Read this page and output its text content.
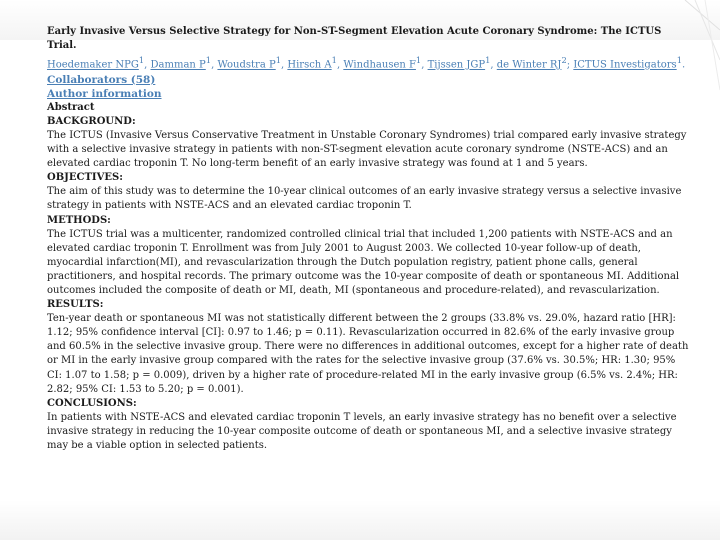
Early Invasive Versus Selective Strategy for Non-ST-Segment Elevation Acute Coronary Syndrome: The ICTUS Trial.

Hoedemaker NPG$^1$, Damman $P^1$, Woudstra $P^1$, Hirsch $A^1$, Windhausen $F^1$, Tijssen JGP$^1$, de Winter $RJ^2$; ICTUS Investigators$^1$.

Collaborators (58)
Author information
Abstract
BACKGROUND:

The ICTUS (Invasive Versus Conservative Treatment in Unstable Coronary Syndromes) trial compared early invasive strategy with a selective invasive strategy in patients with non-ST-segment elevation acute coronary syndrome (NSTE-ACS) and an elevated cardiac troponin T. No long-term benefit of an early invasive strategy was found at 1 and 5 years.

OBJECTIVES:

The aim of this study was to determine the 10-year clinical outcomes of an early invasive strategy versus a selective invasive strategy in patients with NSTE-ACS and an elevated cardiac troponin T.

METHODS:

The ICTUS trial was a multicenter, randomized controlled clinical trial that included 1,200 patients with NSTE-ACS and an elevated cardiac troponin T. Enrollment was from July 2001 to August 2003. We collected 10-year follow-up of death, myocardial infarction(MI), and revascularization through the Dutch population registry, patient phone calls, general practitioners, and hospital records. The primary outcome was the 10-year composite of death or spontaneous MI. Additional outcomes included the composite of death or MI, death, MI (spontaneous and procedure-related), and revascularization.

RESULTS:

Ten-year death or spontaneous MI was not statistically different between the 2 groups (33.8% vs. 29.0%, hazard ratio [HR]: 1.12; 95% confidence interval [CI]: 0.97 to 1.46; p = 0.11). Revascularization occurred in 82.6% of the early invasive group and 60.5% in the selective invasive group. There were no differences in additional outcomes, except for a higher rate of death or MI in the early invasive group compared with the rates for the selective invasive group (37.6% vs. 30.5%; HR: 1.30; 95% CI: 1.07 to 1.58; p = 0.009), driven by a higher rate of procedure-related MI in the early invasive group (6.5% vs. 2.4%; HR: 2.82; 95% CI: 1.53 to 5.20; p = 0.001).

CONCLUSIONS:

In patients with NSTE-ACS and elevated cardiac troponin T levels, an early invasive strategy has no benefit over a selective invasive strategy in reducing the 10-year composite outcome of death or spontaneous MI, and a selective invasive strategy may be a viable option in selected patients.
